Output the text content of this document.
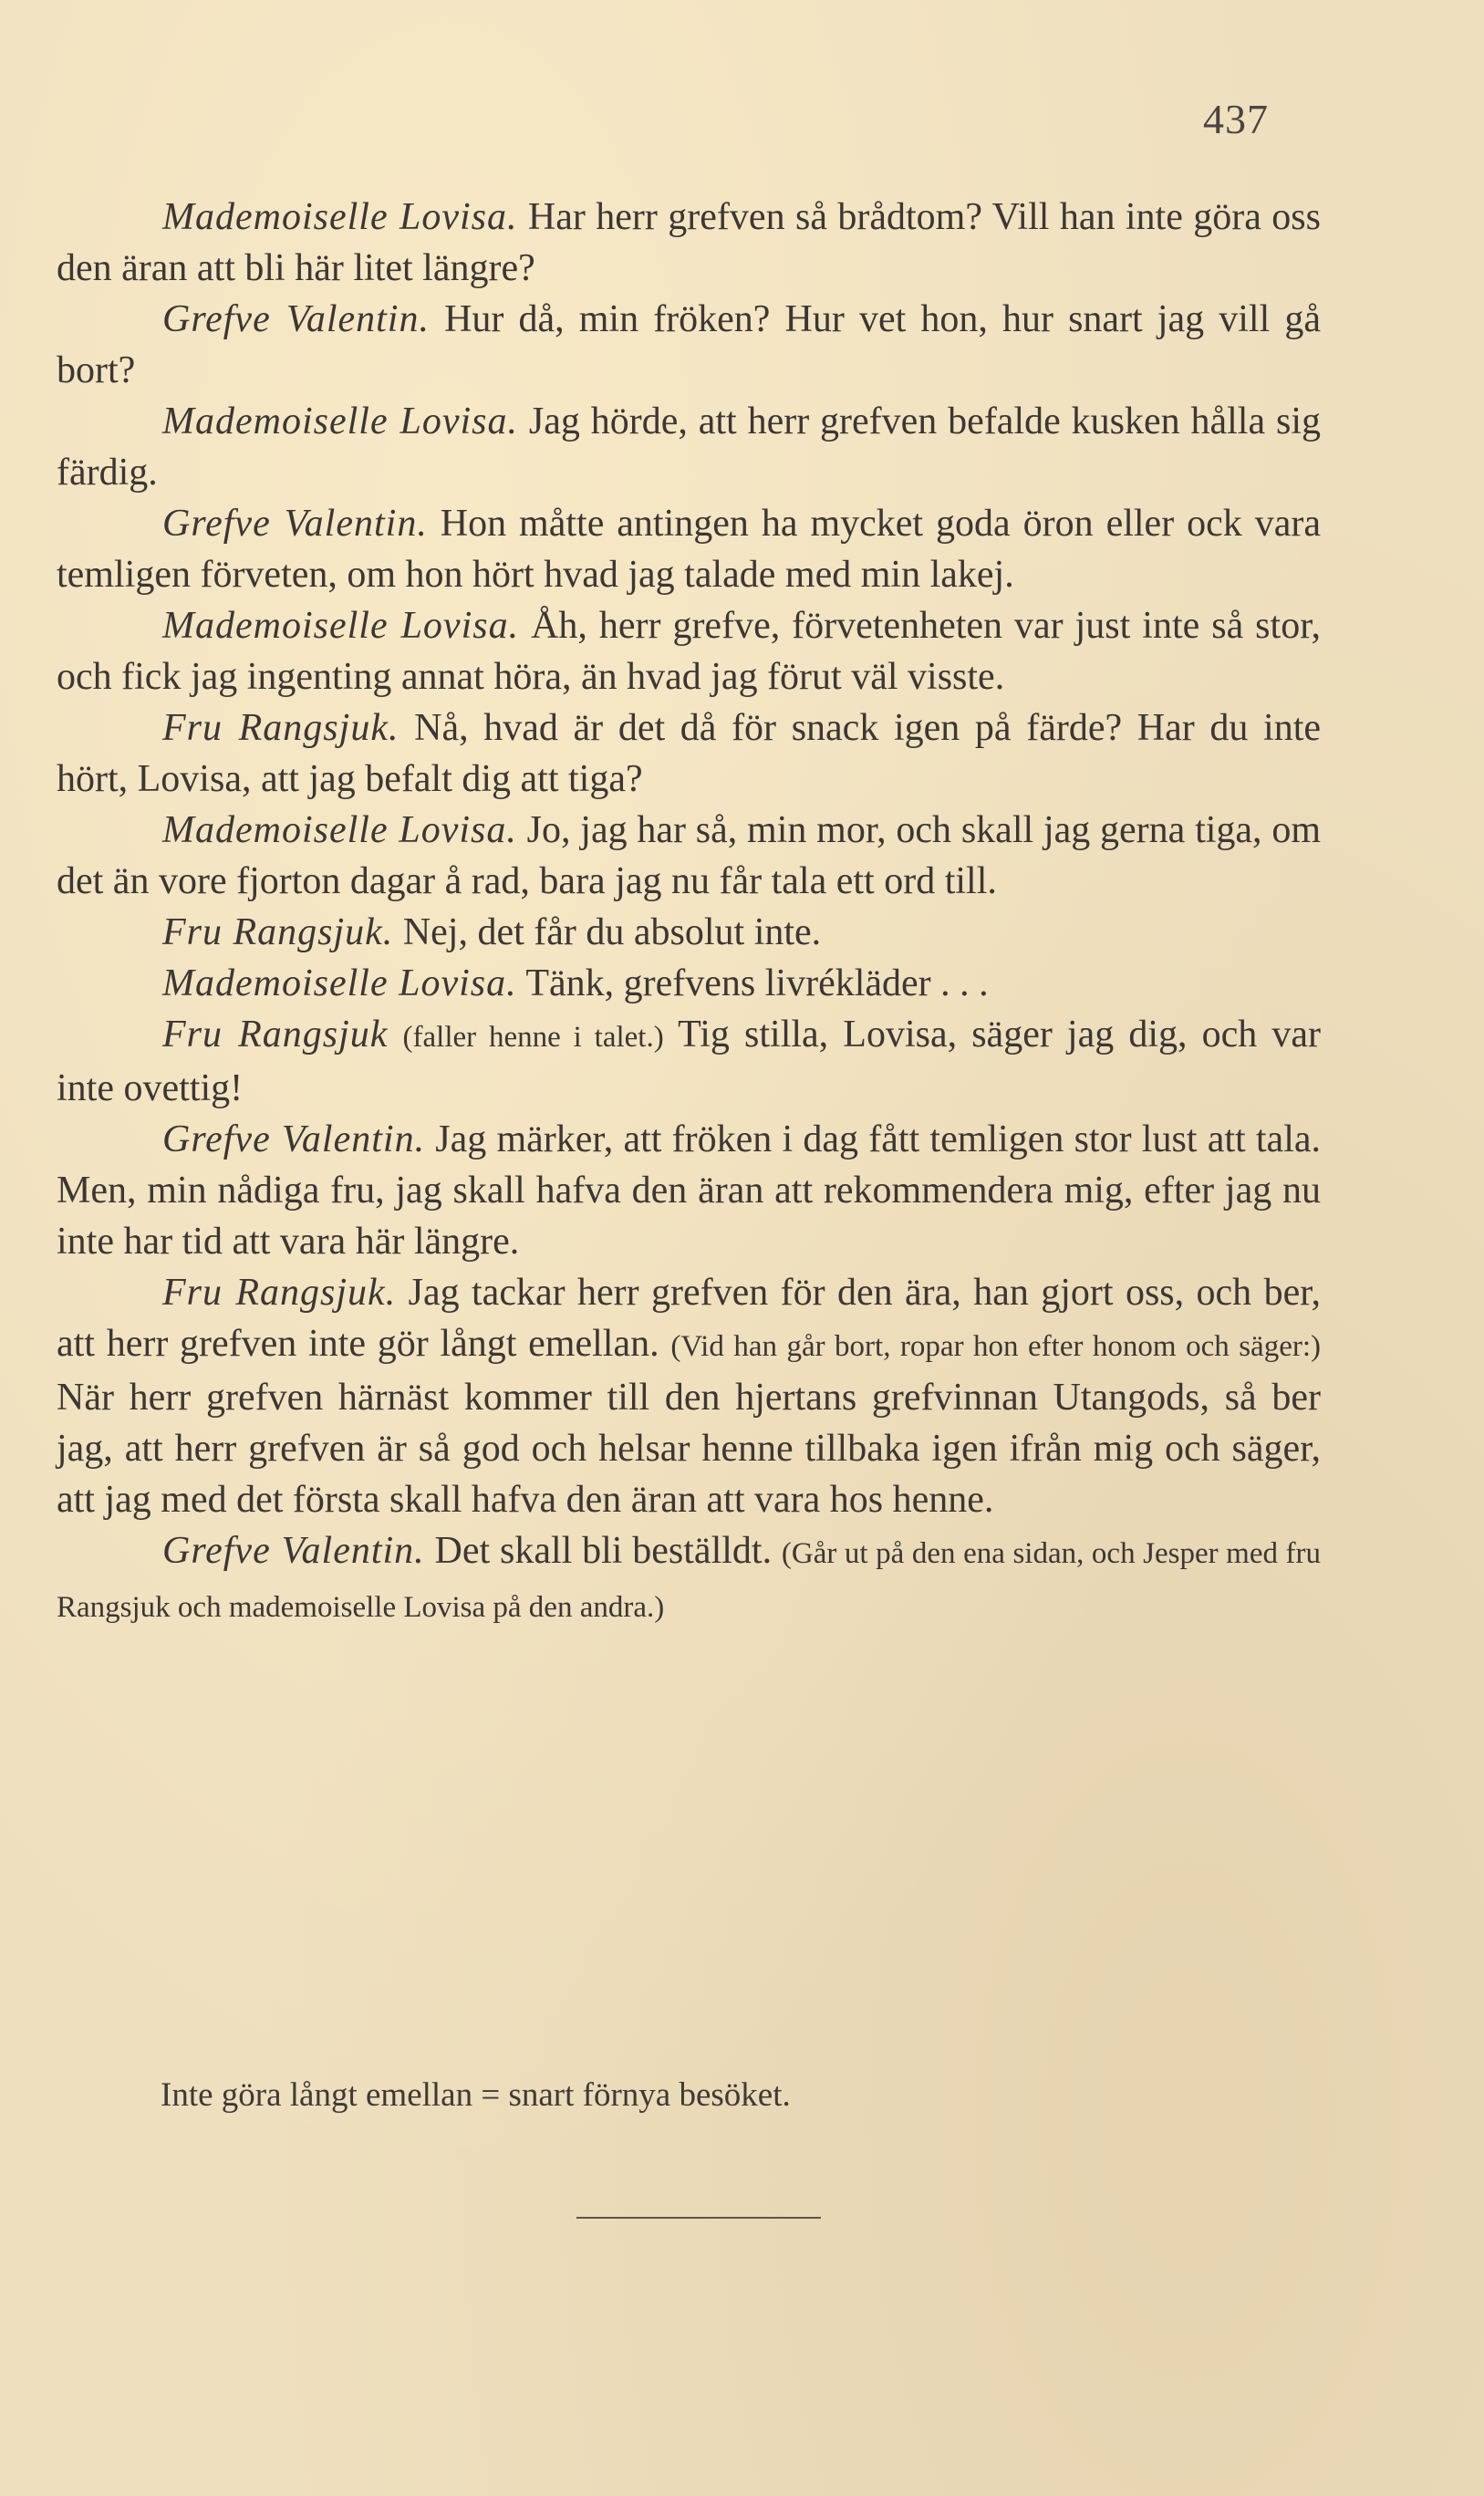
437

Mademoiselle Lovisa. Har herr grefven så brådtom? Vill han inte göra oss den äran att bli här litet längre?

Grefve Valentin. Hur då, min fröken? Hur vet hon, hur snart jag vill gå bort?

Mademoiselle Lovisa. Jag hörde, att herr grefven befalde kusken hålla sig färdig.

Grefve Valentin. Hon måtte antingen ha mycket goda öron eller ock vara temligen förveten, om hon hört hvad jag talade med min lakej.

Mademoiselle Lovisa. Åh, herr grefve, förvetenheten var just inte så stor, och fick jag ingenting annat höra, än hvad jag förut väl visste.

Fru Rangsjuk. Nå, hvad är det då för snack igen på färde? Har du inte hört, Lovisa, att jag befalt dig att tiga?

Mademoiselle Lovisa. Jo, jag har så, min mor, och skall jag gerna tiga, om det än vore fjorton dagar å rad, bara jag nu får tala ett ord till.

Fru Rangsjuk. Nej, det får du absolut inte.

Mademoiselle Lovisa. Tänk, grefvens livrékläder . . .

Fru Rangsjuk (faller henne i talet.) Tig stilla, Lovisa, säger jag dig, och var inte ovettig!

Grefve Valentin. Jag märker, att fröken i dag fått temligen stor lust att tala. Men, min nådiga fru, jag skall hafva den äran att rekommendera mig, efter jag nu inte har tid att vara här längre.

Fru Rangsjuk. Jag tackar herr grefven för den ära, han gjort oss, och ber, att herr grefven inte gör långt emellan. (Vid han går bort, ropar hon efter honom och säger:) När herr grefven härnäst kommer till den hjertans grefvinnan Utangods, så ber jag, att herr grefven är så god och helsar henne tillbaka igen ifrån mig och säger, att jag med det första skall hafva den äran att vara hos henne.

Grefve Valentin. Det skall bli beställdt. (Går ut på den ena sidan, och Jesper med fru Rangsjuk och mademoiselle Lovisa på den andra.)

Inte göra långt emellan = snart förnya besöket.
